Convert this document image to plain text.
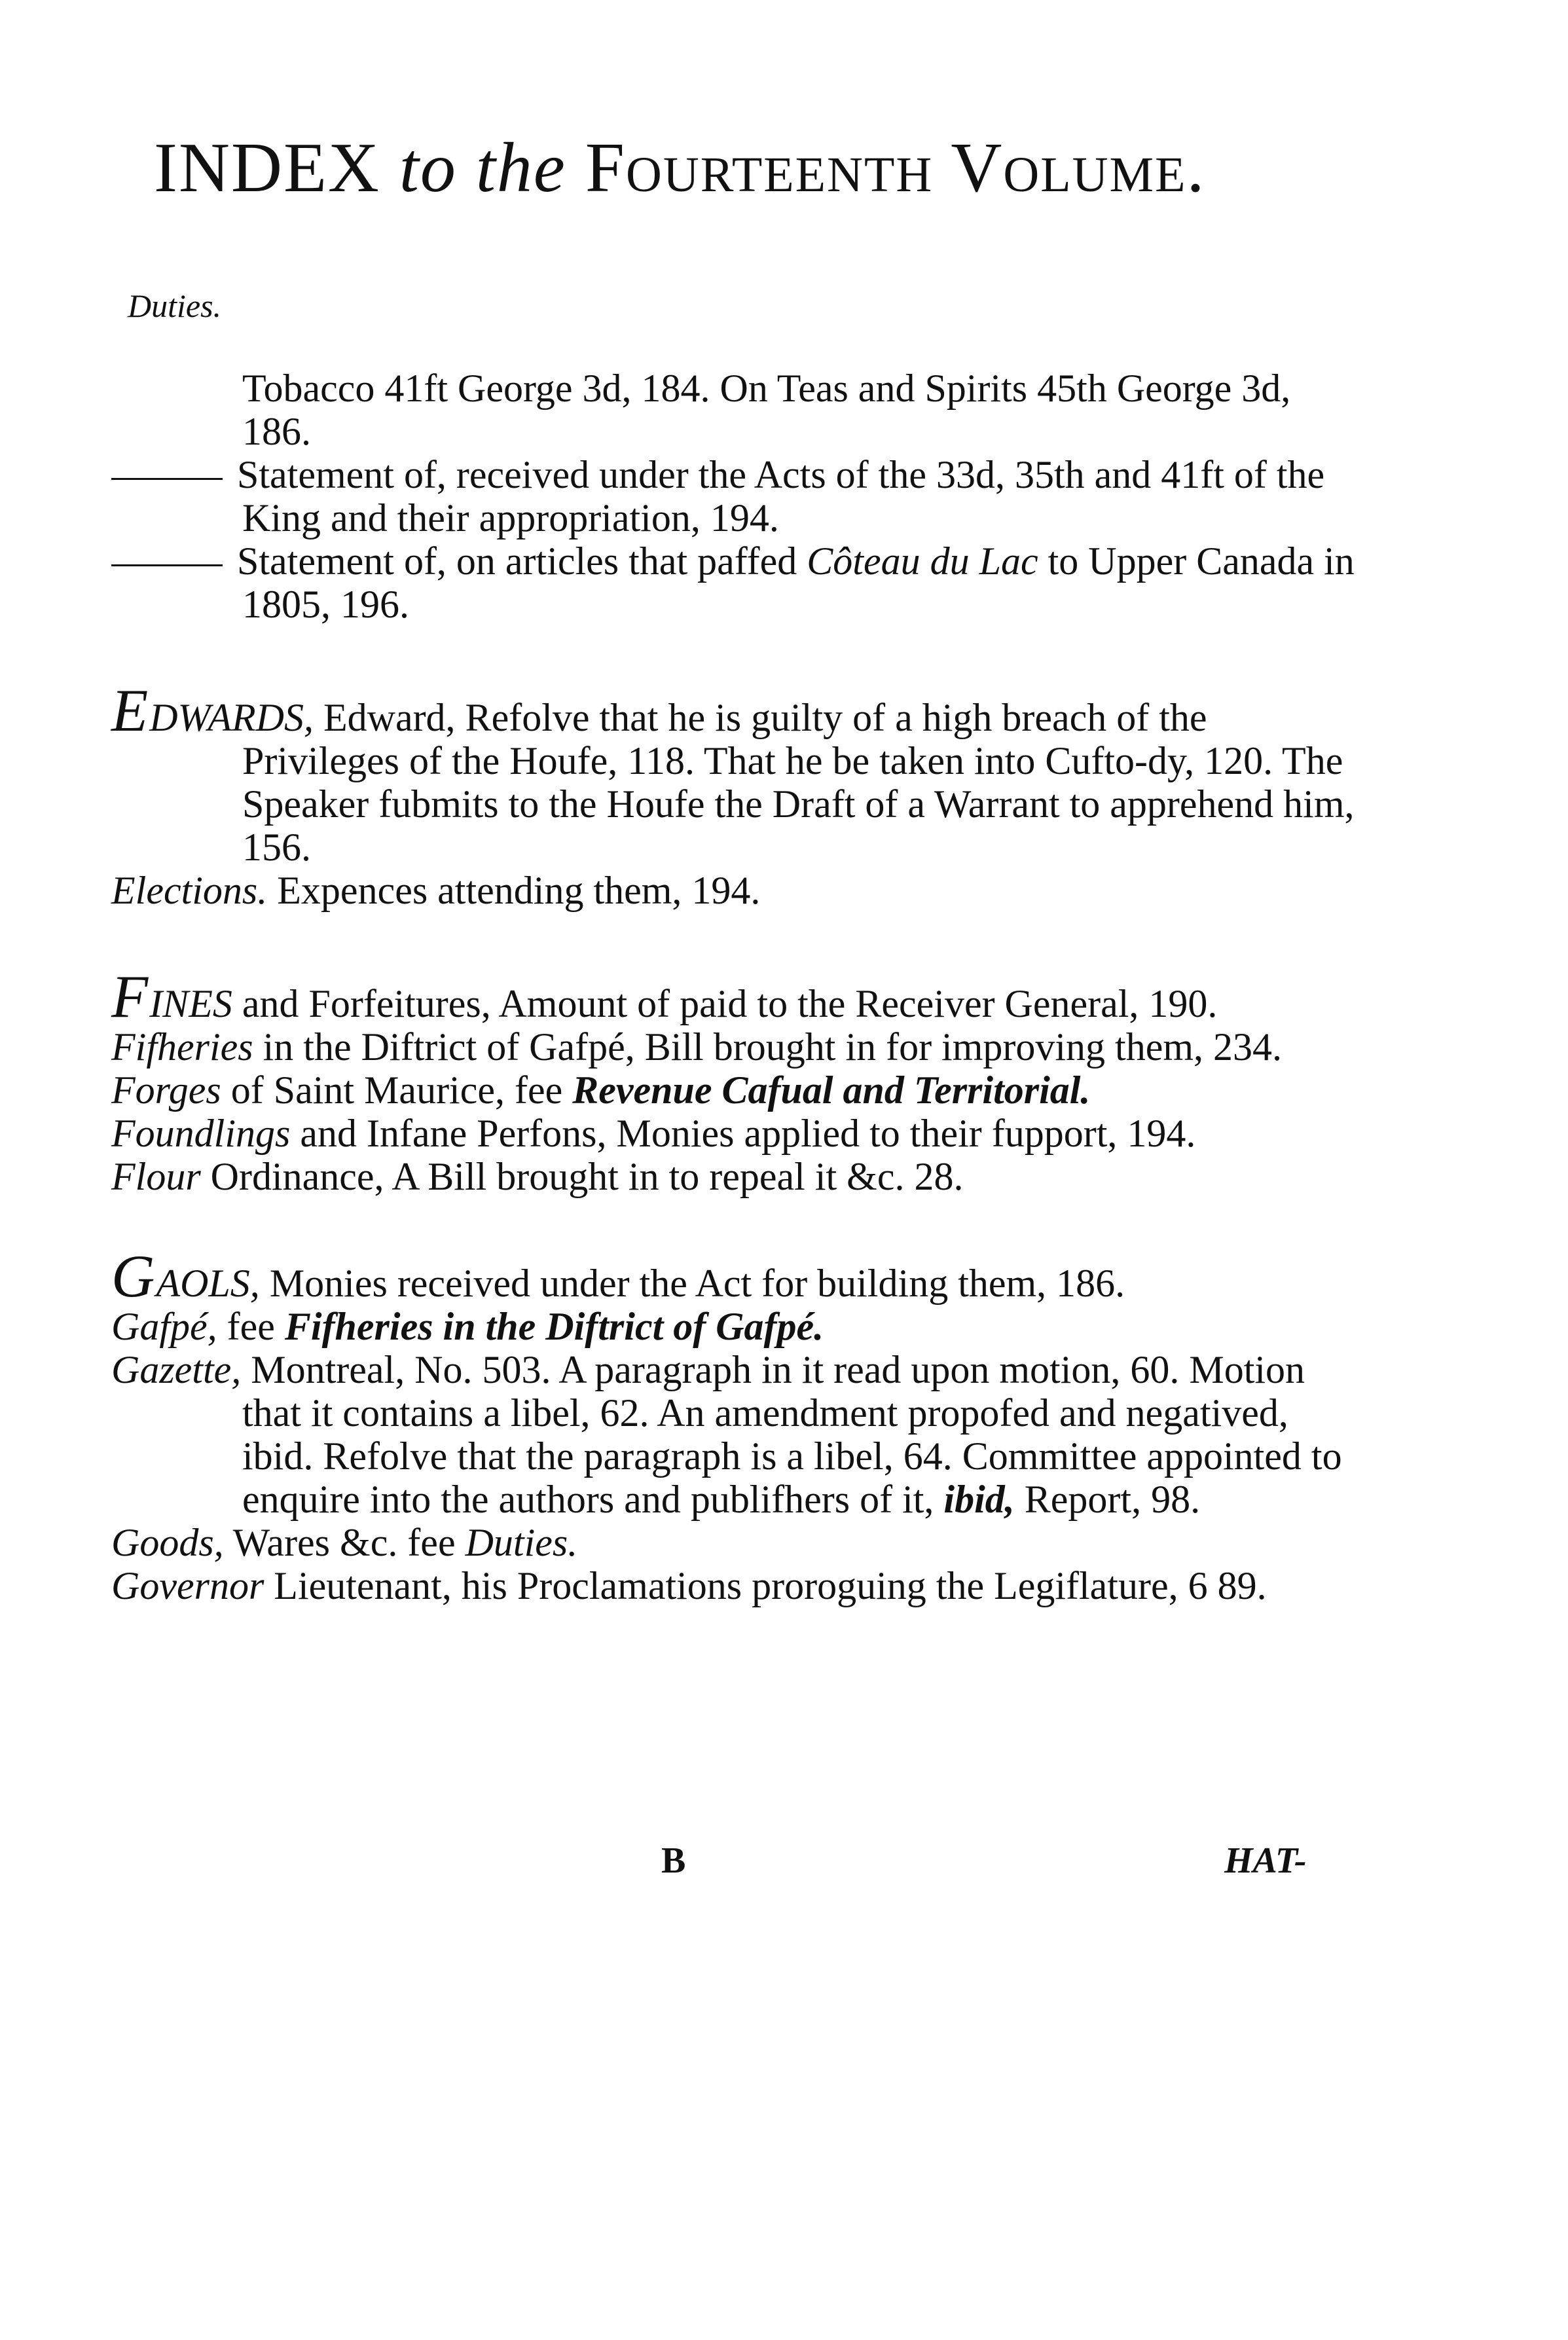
INDEX to the Fourteenth Volume.
Duties.

Tobacco 41ft George 3d, 184. On Teas and Spirits 45th George 3d, 186.

Statement of, received under the Acts of the 33d, 35th and 41ft of the King and their appropriation, 194.

Statement of, on articles that paffed Côteau du Lac to Upper Canada in 1805, 196.

EDWARDS, Edward, Refolve that he is guilty of a high breach of the Privileges of the Houfe, 118. That he be taken into Cufto-dy, 120. The Speaker fubmits to the Houfe the Draft of a Warrant to apprehend him, 156.

Elections. Expences attending them, 194.

FINES and Forfeitures, Amount of paid to the Receiver General, 190.

Fifheries in the Diftrict of Gafpé, Bill brought in for improving them, 234.

Forges of Saint Maurice, fee Revenue Cafual and Territorial.

Foundlings and Infane Perfons, Monies applied to their fupport, 194.

Flour Ordinance, A Bill brought in to repeal it &c. 28.

GAOLS, Monies received under the Act for building them, 186.

Gafpé, fee Fifheries in the Diftrict of Gafpé.

Gazette, Montreal, No. 503. A paragraph in it read upon motion, 60. Motion that it contains a libel, 62. An amendment propofed and negatived, ibid. Refolve that the paragraph is a libel, 64. Committee appointed to enquire into the authors and publifhers of it, ibid, Report, 98.

Goods, Wares &c. fee Duties.

Governor Lieutenant, his Proclamations proroguing the Legiflature, 6 89.

B	HAT-
